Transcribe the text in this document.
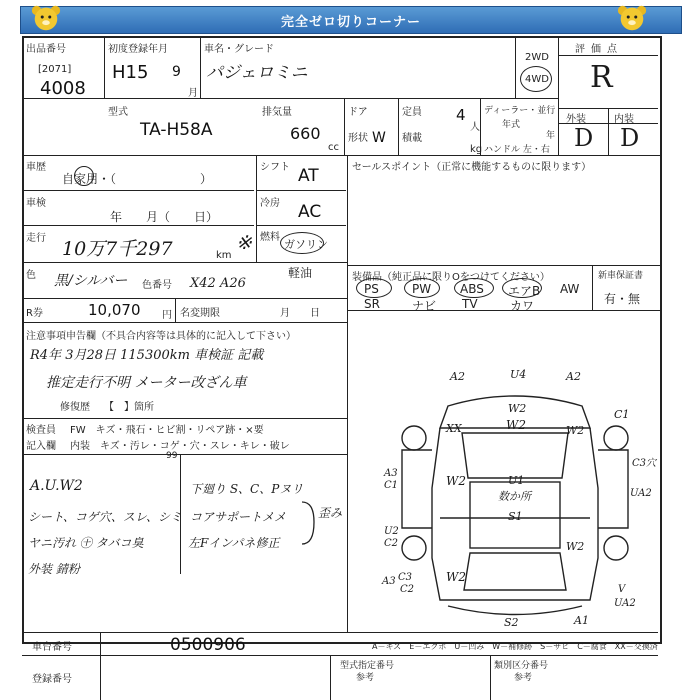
完全ゼロ切りコーナー
出品番号
[2071]
4008
初度登録年月
H15 9
月
車名・グレード
パジェロミニ
2WD
4WD
評価点
R
型式
TA-H58A
排気量
660
cc
ドア
形状 W
定員 4
人
積載
kg
ディーラー・並行
年式
年
ハンドル 左・右
外装	内装
D D
車歴
自家用・（　　　　　　　）
車検
年　　月（　　日）
シフト AT
冷房 AC
燃料
ガソリン
軽油
走行 10万7千297	km
※
色 黒/シルバー 色番号 X42 A26
R券	10,070 円 名変期限	月　　日
セールスポイント（正常に機能するものに限ります）
装備品（純正品に限りOをつけてください）
PS	PW ABS エアB AW
SR	ナビ TV	カワ
新車保証書
有・無
注意事項申告欄（不具合内容等は具体的に記入して下さい）
R4年 3月28日 115300km 車検証 記載
推定走行不明 メーター改ざん車
修復歴 【　】箇所
検査員
記入欄
FW　キズ・飛石・ヒビ割・リペア跡・×要
内装　キズ・汚レ・コゲ・穴・スレ・キレ・破レ
99
A.U.W2
シート、コゲ穴、スレ、シミ
ヤニ汚れ ㊉ タバコ臭
外装 錆粉
下廻り S、C、Pヌリ
コアサポートメメ
左Fインパネ修正
歪み
A2	U4	A2
W2
W2
XX	W2
C1
C3穴
A3
C1	W2	U1
数か所
S1
UA2
U2
C2	W2
A3 C3
C2
W2
V
UA2
S2	A1
A－キズ　E－エクボ　U－凹み　W－補修跡　S－サビ　C－腐食　XX－交換済
車台番号	0500906
登録番号
型式指定番号
参考
類別区分番号
参考
